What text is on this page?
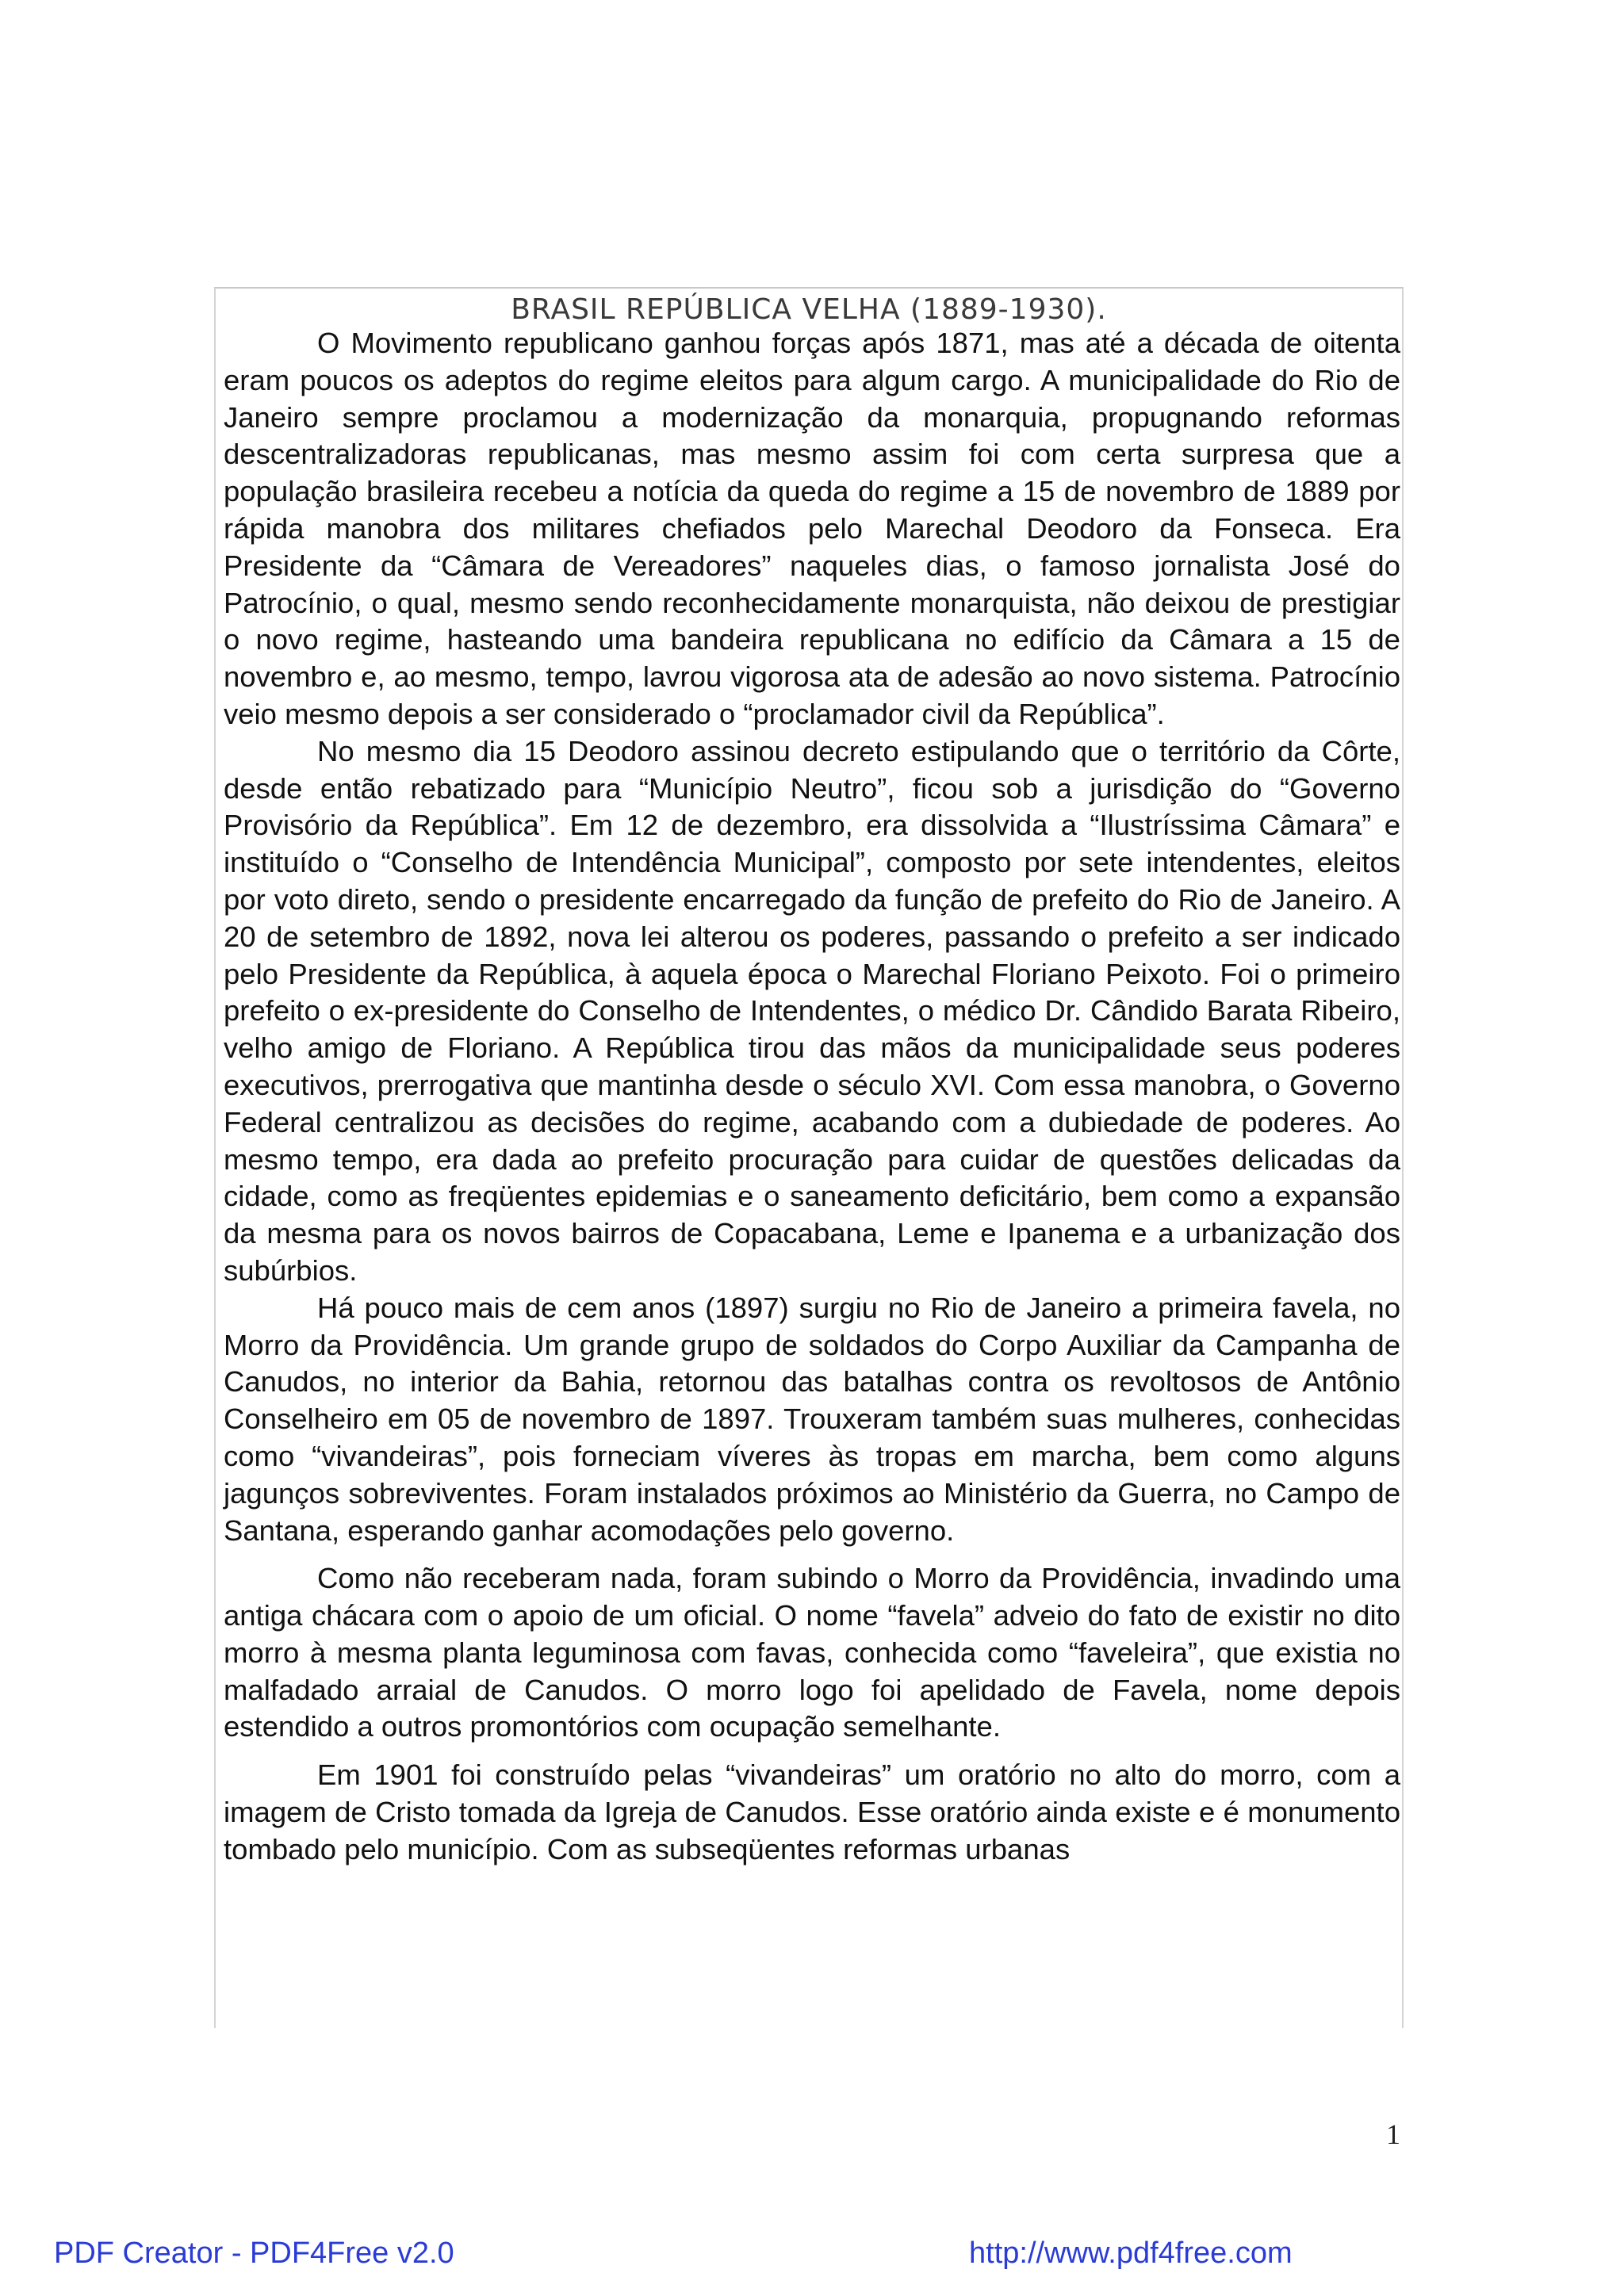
BRASIL REPÚBLICA VELHA (1889-1930).

O Movimento republicano ganhou forças após 1871, mas até a década de oitenta eram poucos os adeptos do regime eleitos para algum cargo. A municipalidade do Rio de Janeiro sempre proclamou a modernização da monarquia, propugnando reformas descentralizadoras republicanas, mas mesmo assim foi com certa surpresa que a população brasileira recebeu a notícia da queda do regime a 15 de novembro de 1889 por rápida manobra dos militares chefiados pelo Marechal Deodoro da Fonseca. Era Presidente da “Câmara de Vereadores” naqueles dias, o famoso jornalista José do Patrocínio, o qual, mesmo sendo reconhecidamente monarquista, não deixou de prestigiar o novo regime, hasteando uma bandeira republicana no edifício da Câmara a 15 de novembro e, ao mesmo, tempo, lavrou vigorosa ata de adesão ao novo sistema. Patrocínio veio mesmo depois a ser considerado o “proclamador civil da República”.

No mesmo dia 15 Deodoro assinou decreto estipulando que o território da Côrte, desde então rebatizado para “Município Neutro”, ficou sob a jurisdição do “Governo Provisório da República”. Em 12 de dezembro, era dissolvida a “Ilustríssima Câmara” e instituído o “Conselho de Intendência Municipal”, composto por sete intendentes, eleitos por voto direto, sendo o presidente encarregado da função de prefeito do Rio de Janeiro. A 20 de setembro de 1892, nova lei alterou os poderes, passando o prefeito a ser indicado pelo Presidente da República, à aquela época o Marechal Floriano Peixoto. Foi o primeiro prefeito o ex-presidente do Conselho de Intendentes, o médico Dr. Cândido Barata Ribeiro, velho amigo de Floriano. A República tirou das mãos da municipalidade seus poderes executivos, prerrogativa que mantinha desde o século XVI. Com essa manobra, o Governo Federal centralizou as decisões do regime, acabando com a dubiedade de poderes. Ao mesmo tempo, era dada ao prefeito procuração para cuidar de questões delicadas da cidade, como as freqüentes epidemias e o saneamento deficitário, bem como a expansão da mesma para os novos bairros de Copacabana, Leme e Ipanema e a urbanização dos subúrbios.

Há pouco mais de cem anos (1897) surgiu no Rio de Janeiro a primeira favela, no Morro da Providência. Um grande grupo de soldados do Corpo Auxiliar da Campanha de Canudos, no interior da Bahia, retornou das batalhas contra os revoltosos de Antônio Conselheiro em 05 de novembro de 1897. Trouxeram também suas mulheres, conhecidas como “vivandeiras”, pois forneciam víveres às tropas em marcha, bem como alguns jagunços sobreviventes. Foram instalados próximos ao Ministério da Guerra, no Campo de Santana, esperando ganhar acomodações pelo governo.

Como não receberam nada, foram subindo o Morro da Providência, invadindo uma antiga chácara com o apoio de um oficial. O nome “favela” adveio do fato de existir no dito morro à mesma planta leguminosa com favas, conhecida como “faveleira”, que existia no malfadado arraial de Canudos. O morro logo foi apelidado de Favela, nome depois estendido a outros promontórios com ocupação semelhante.

Em 1901 foi construído pelas “vivandeiras” um oratório no alto do morro, com a imagem de Cristo tomada da Igreja de Canudos. Esse oratório ainda existe e é monumento tombado pelo município. Com as subseqüentes reformas urbanas

1
PDF Creator - PDF4Free v2.0	http://www.pdf4free.com
